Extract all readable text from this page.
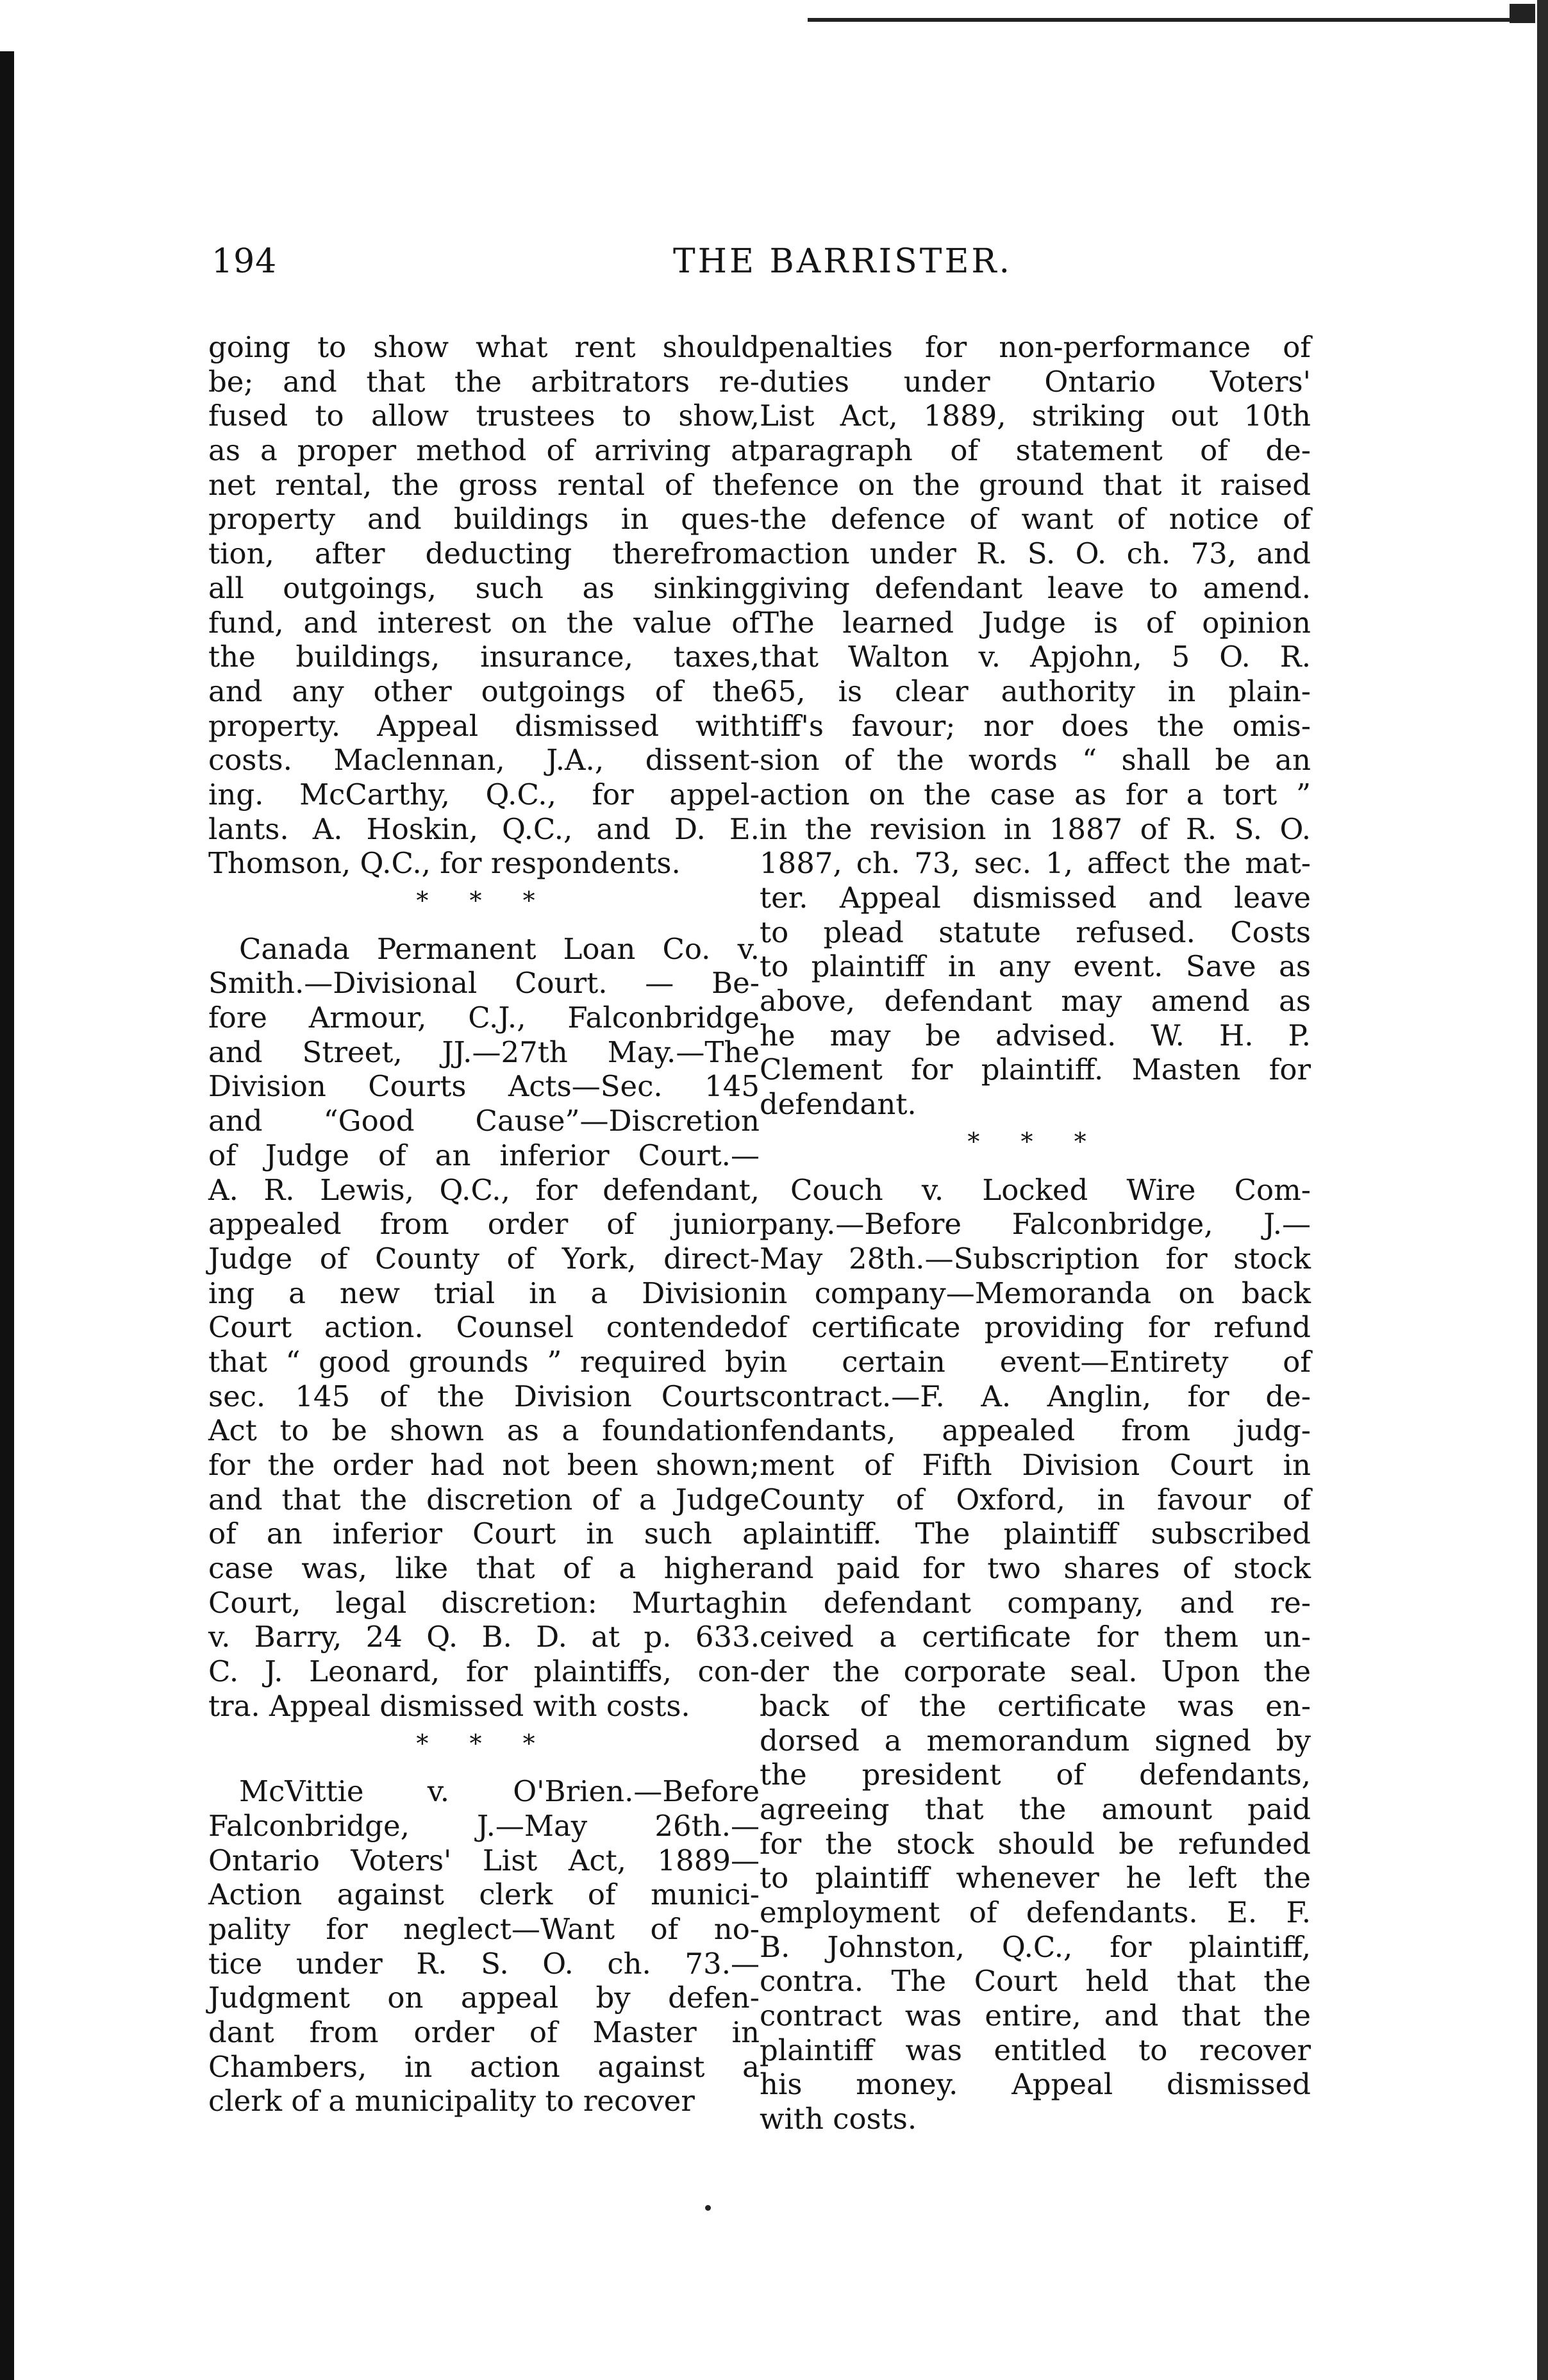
194	THE BARRISTER.
going to show what rent should
be; and that the arbitrators re-
fused to allow trustees to show,
as a proper method of arriving at
net rental, the gross rental of the
property and buildings in ques-
tion, after deducting therefrom
all outgoings, such as sinking
fund, and interest on the value of
the buildings, insurance, taxes,
and any other outgoings of the
property. Appeal dismissed with
costs. Maclennan, J.A., dissent-
ing. McCarthy, Q.C., for appel-
lants. A. Hoskin, Q.C., and D. E.
Thomson, Q.C., for respondents.
* * *
Canada Permanent Loan Co. v.
Smith.—Divisional Court. — Be-
fore Armour, C.J., Falconbridge
and Street, JJ.—27th May.—The
Division Courts Acts—Sec. 145
and “Good Cause”—Discretion
of Judge of an inferior Court.—
A. R. Lewis, Q.C., for defendant,
appealed from order of junior
Judge of County of York, direct-
ing a new trial in a Division
Court action. Counsel contended
that “ good grounds ” required by
sec. 145 of the Division Courts
Act to be shown as a foundation
for the order had not been shown;
and that the discretion of a Judge
of an inferior Court in such a
case was, like that of a higher
Court, legal discretion: Murtagh
v. Barry, 24 Q. B. D. at p. 633.
C. J. Leonard, for plaintiffs, con-
tra. Appeal dismissed with costs.
* * *
McVittie v. O'Brien.—Before
Falconbridge, J.—May 26th.—
Ontario Voters' List Act, 1889—
Action against clerk of munici-
pality for neglect—Want of no-
tice under R. S. O. ch. 73.—
Judgment on appeal by defen-
dant from order of Master in
Chambers, in action against a
clerk of a municipality to recover
penalties for non-performance of
duties under Ontario Voters'
List Act, 1889, striking out 10th
paragraph of statement of de-
fence on the ground that it raised
the defence of want of notice of
action under R. S. O. ch. 73, and
giving defendant leave to amend.
The learned Judge is of opinion
that Walton v. Apjohn, 5 O. R.
65, is clear authority in plain-
tiff's favour; nor does the omis-
sion of the words “ shall be an
action on the case as for a tort ”
in the revision in 1887 of R. S. O.
1887, ch. 73, sec. 1, affect the mat-
ter. Appeal dismissed and leave
to plead statute refused. Costs
to plaintiff in any event. Save as
above, defendant may amend as
he may be advised. W. H. P.
Clement for plaintiff. Masten for
defendant.
* * *
Couch v. Locked Wire Com-
pany.—Before Falconbridge, J.—
May 28th.—Subscription for stock
in company—Memoranda on back
of certificate providing for refund
in certain event—Entirety of
contract.—F. A. Anglin, for de-
fendants, appealed from judg-
ment of Fifth Division Court in
County of Oxford, in favour of
plaintiff. The plaintiff subscribed
and paid for two shares of stock
in defendant company, and re-
ceived a certificate for them un-
der the corporate seal. Upon the
back of the certificate was en-
dorsed a memorandum signed by
the president of defendants,
agreeing that the amount paid
for the stock should be refunded
to plaintiff whenever he left the
employment of defendants. E. F.
B. Johnston, Q.C., for plaintiff,
contra. The Court held that the
contract was entire, and that the
plaintiff was entitled to recover
his money. Appeal dismissed
with costs.
